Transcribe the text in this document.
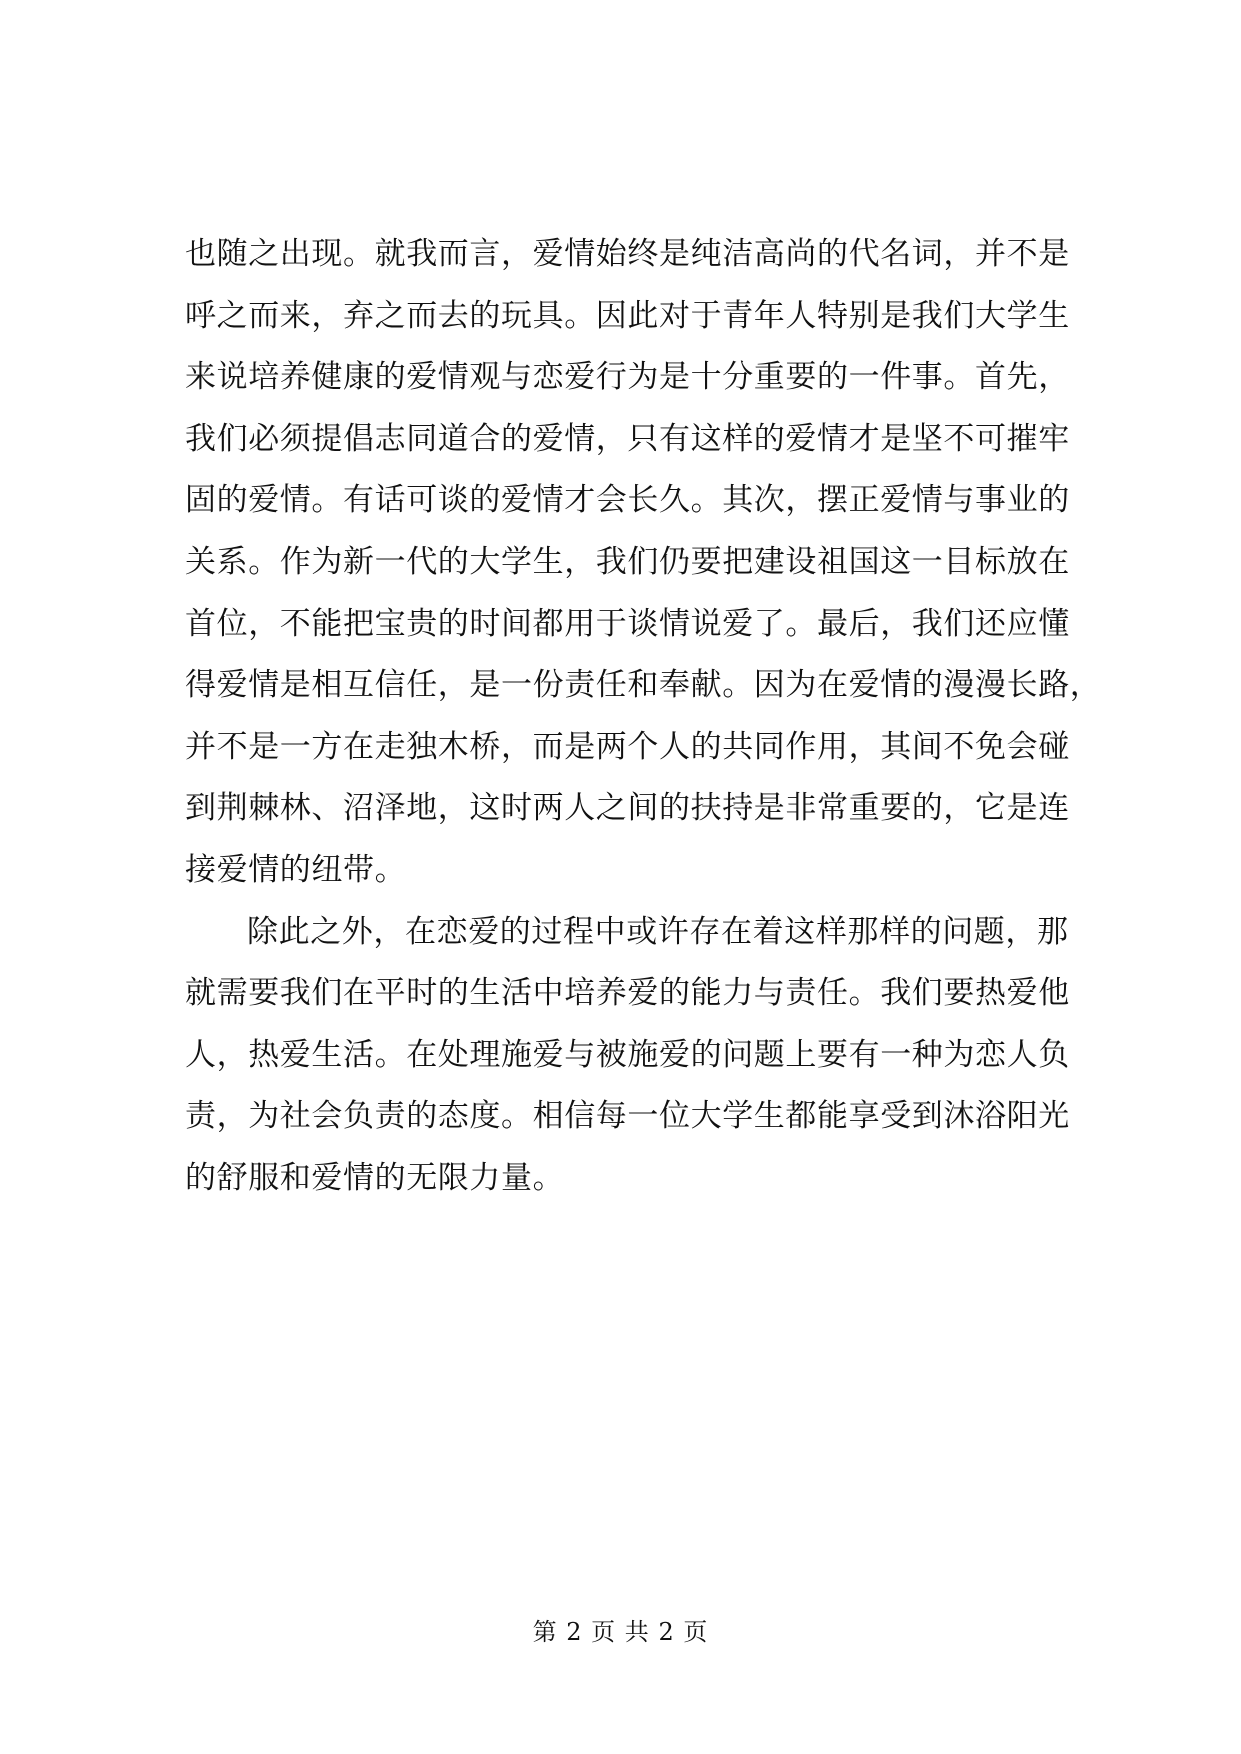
也随之出现。就我而言，爱情始终是纯洁高尚的代名词，并不是
呼之而来，弃之而去的玩具。因此对于青年人特别是我们大学生
来说培养健康的爱情观与恋爱行为是十分重要的一件事。首先，
我们必须提倡志同道合的爱情，只有这样的爱情才是坚不可摧牢
固的爱情。有话可谈的爱情才会长久。其次，摆正爱情与事业的
关系。作为新一代的大学生，我们仍要把建设祖国这一目标放在
首位，不能把宝贵的时间都用于谈情说爱了。最后，我们还应懂
得爱情是相互信任，是一份责任和奉献。因为在爱情的漫漫长路，
并不是一方在走独木桥，而是两个人的共同作用，其间不免会碰
到荆棘林、沼泽地，这时两人之间的扶持是非常重要的，它是连
接爱情的纽带。
除此之外，在恋爱的过程中或许存在着这样那样的问题，那
就需要我们在平时的生活中培养爱的能力与责任。我们要热爱他
人，热爱生活。在处理施爱与被施爱的问题上要有一种为恋人负
责，为社会负责的态度。相信每一位大学生都能享受到沐浴阳光
的舒服和爱情的无限力量。
第 2 页 共 2 页
